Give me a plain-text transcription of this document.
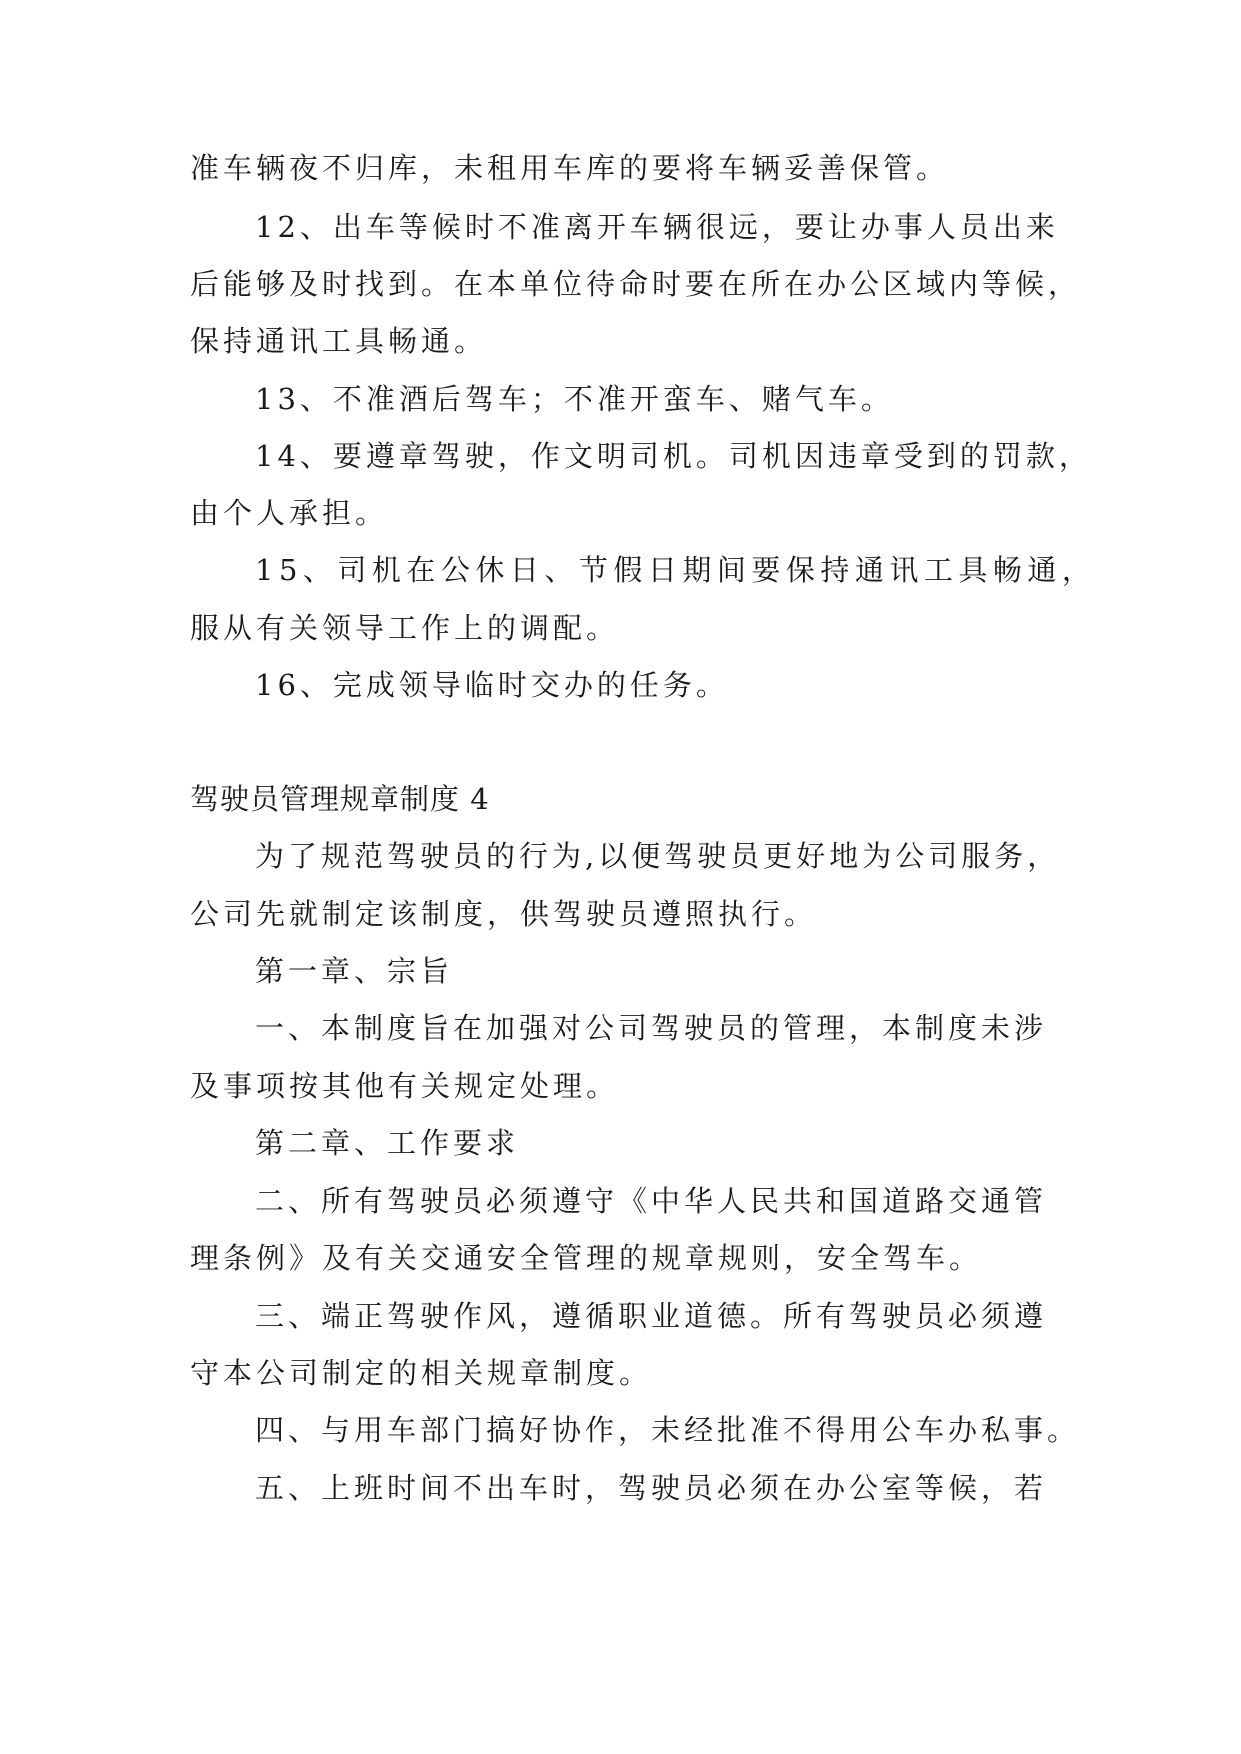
准车辆夜不归库，未租用车库的要将车辆妥善保管。
12、出车等候时不准离开车辆很远，要让办事人员出来
后能够及时找到。在本单位待命时要在所在办公区域内等候，
保持通讯工具畅通。
13、不准酒后驾车；不准开蛮车、赌气车。
14、要遵章驾驶，作文明司机。司机因违章受到的罚款，
由个人承担。
15、司机在公休日、节假日期间要保持通讯工具畅通，
服从有关领导工作上的调配。
16、完成领导临时交办的任务。
驾驶员管理规章制度 4
为了规范驾驶员的行为,以便驾驶员更好地为公司服务，
公司先就制定该制度，供驾驶员遵照执行。
第一章、宗旨
一、本制度旨在加强对公司驾驶员的管理，本制度未涉
及事项按其他有关规定处理。
第二章、工作要求
二、所有驾驶员必须遵守《中华人民共和国道路交通管
理条例》及有关交通安全管理的规章规则，安全驾车。
三、端正驾驶作风，遵循职业道德。所有驾驶员必须遵
守本公司制定的相关规章制度。
四、与用车部门搞好协作，未经批准不得用公车办私事。
五、上班时间不出车时，驾驶员必须在办公室等候，若
